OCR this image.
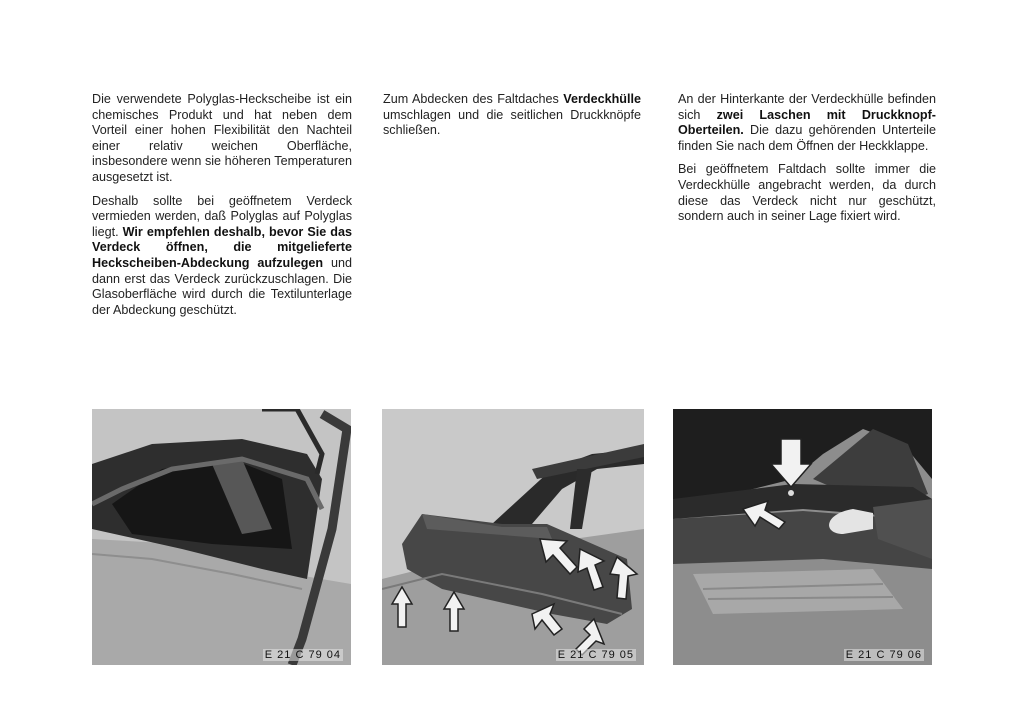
Die verwendete Polyglas-Heckscheibe ist ein chemisches Produkt und hat neben dem Vorteil einer hohen Flexibilität den Nachteil einer relativ weichen Oberfläche, insbesondere wenn sie höheren Temperaturen ausgesetzt ist.

Deshalb sollte bei geöffnetem Verdeck vermieden werden, daß Polyglas auf Polyglas liegt. Wir empfehlen deshalb, bevor Sie das Verdeck öffnen, die mitgelieferte Heckscheiben-Abdeckung aufzulegen und dann erst das Verdeck zurückzuschlagen. Die Glasoberfläche wird durch die Textilunterlage der Abdeckung geschützt.

Zum Abdecken des Faltdaches Verdeckhülle umschlagen und die seitlichen Druckknöpfe schließen.

An der Hinterkante der Verdeckhülle befinden sich zwei Laschen mit Druckknopf-Oberteilen. Die dazu gehörenden Unterteile finden Sie nach dem Öffnen der Heckklappe.

Bei geöffnetem Faltdach sollte immer die Verdeckhülle angebracht werden, da durch diese das Verdeck nicht nur geschützt, sondern auch in seiner Lage fixiert wird.

E 21 C 79 04	E 21 C 79 05	E 21 C 79 06
